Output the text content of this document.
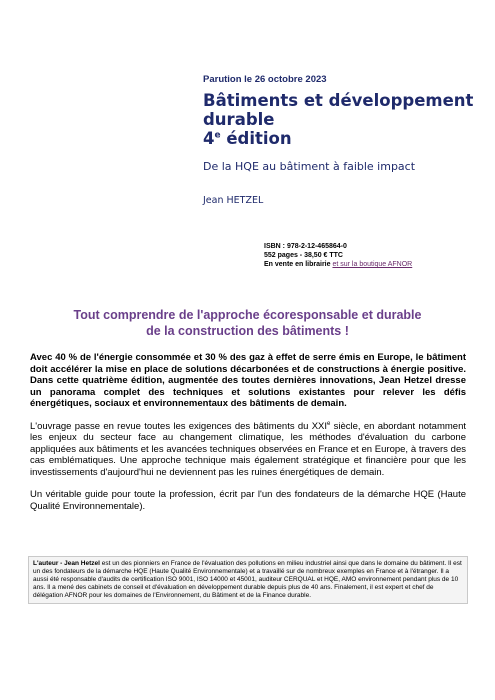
Parution le 26 octobre 2023

Bâtiments et développement
durable
4e édition

De la HQE au bâtiment à faible impact

Jean HETZEL

ISBN : 978-2-12-465864-0
552 pages - 38,50 € TTC
En vente en librairie et sur la boutique AFNOR
Tout comprendre de l'approche écoresponsable et durable
de la construction des bâtiments !

Avec 40 % de l'énergie consommée et 30 % des gaz à effet de serre émis en Europe, le bâtiment doit accélérer la mise en place de solutions décarbonées et de constructions à énergie positive. Dans cette quatrième édition, augmentée des toutes dernières innovations, Jean Hetzel dresse un panorama complet des techniques et solutions existantes pour relever les défis énergétiques, sociaux et environnementaux des bâtiments de demain.

L'ouvrage passe en revue toutes les exigences des bâtiments du XXIe siècle, en abordant notamment les enjeux du secteur face au changement climatique, les méthodes d'évaluation du carbone appliquées aux bâtiments et les avancées techniques observées en France et en Europe, à travers des cas emblématiques. Une approche technique mais également stratégique et financière pour que les investissements d'aujourd'hui ne deviennent pas les ruines énergétiques de demain.

Un véritable guide pour toute la profession, écrit par l'un des fondateurs de la démarche HQE (Haute Qualité Environnementale).

L'auteur - Jean Hetzel est un des pionniers en France de l'évaluation des pollutions en milieu industriel ainsi que dans le domaine du bâtiment. Il est un des fondateurs de la démarche HQE (Haute Qualité Environnementale) et a travaillé sur de nombreux exemples en France et à l'étranger. Il a aussi été responsable d'audits de certification ISO 9001, ISO 14000 et 45001, auditeur CERQUAL et HQE, AMO environnement pendant plus de 10 ans. Il a mené des cabinets de conseil et d'évaluation en développement durable depuis plus de 40 ans. Finalement, il est expert et chef de délégation AFNOR pour les domaines de l'Environnement, du Bâtiment et de la Finance durable.
